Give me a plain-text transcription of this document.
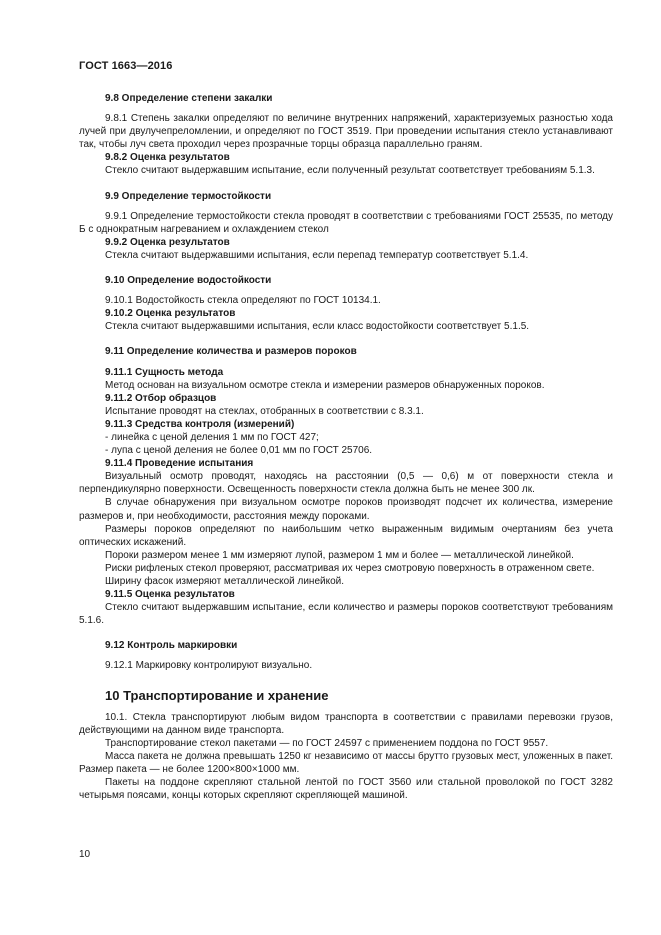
ГОСТ 1663—2016
9.8 Определение степени закалки

9.8.1 Степень закалки определяют по величине внутренних напряжений, характеризуемых разностью хода лучей при двулучепреломлении, и определяют по ГОСТ 3519. При проведении испытания стекло устанавливают так, чтобы луч света проходил через прозрачные торцы образца параллельно граням.

9.8.2 Оценка результатов

Стекло считают выдержавшим испытание, если полученный результат соответствует требованиям 5.1.3.

9.9 Определение термостойкости

9.9.1 Определение термостойкости стекла проводят в соответствии с требованиями ГОСТ 25535, по методу Б с однократным нагреванием и охлаждением стекол

9.9.2 Оценка результатов

Стекла считают выдержавшими испытания, если перепад температур соответствует 5.1.4.

9.10 Определение водостойкости

9.10.1 Водостойкость стекла определяют по ГОСТ 10134.1.

9.10.2 Оценка результатов

Стекла считают выдержавшими испытания, если класс водостойкости соответствует 5.1.5.

9.11 Определение количества и размеров пороков
9.11.1 Сущность метода

Метод основан на визуальном осмотре стекла и измерении размеров обнаруженных пороков.

9.11.2 Отбор образцов

Испытание проводят на стеклах, отобранных в соответствии с 8.3.1.

9.11.3 Средства контроля (измерений)

- линейка с ценой деления 1 мм по ГОСТ 427;

- лупа с ценой деления не более 0,01 мм по ГОСТ 25706.

9.11.4 Проведение испытания

Визуальный осмотр проводят, находясь на расстоянии (0,5 — 0,6) м от поверхности стекла и перпендикулярно поверхности. Освещенность поверхности стекла должна быть не менее 300 лк.

В случае обнаружения при визуальном осмотре пороков производят подсчет их количества, измерение размеров и, при необходимости, расстояния между пороками.

Размеры пороков определяют по наибольшим четко выраженным видимым очертаниям без учета оптических искажений.

Пороки размером менее 1 мм измеряют лупой, размером 1 мм и более — металлической линейкой.

Риски рифленых стекол проверяют, рассматривая их через смотровую поверхность в отраженном свете.

Ширину фасок измеряют металлической линейкой.

9.11.5 Оценка результатов

Стекло считают выдержавшим испытание, если количество и размеры пороков соответствуют требованиям 5.1.6.

9.12 Контроль маркировки

9.12.1 Маркировку контролируют визуально.

10 Транспортирование и хранение

10.1. Стекла транспортируют любым видом транспорта в соответствии с правилами перевозки грузов, действующими на данном виде транспорта.

Транспортирование стекол пакетами — по ГОСТ 24597 с применением поддона по ГОСТ 9557.

Масса пакета не должна превышать 1250 кг независимо от массы брутто грузовых мест, уложенных в пакет. Размер пакета — не более 1200×800×1000 мм.

Пакеты на поддоне скрепляют стальной лентой по ГОСТ 3560 или стальной проволокой по ГОСТ 3282 четырьмя поясами, концы которых скрепляют скрепляющей машиной.

10
